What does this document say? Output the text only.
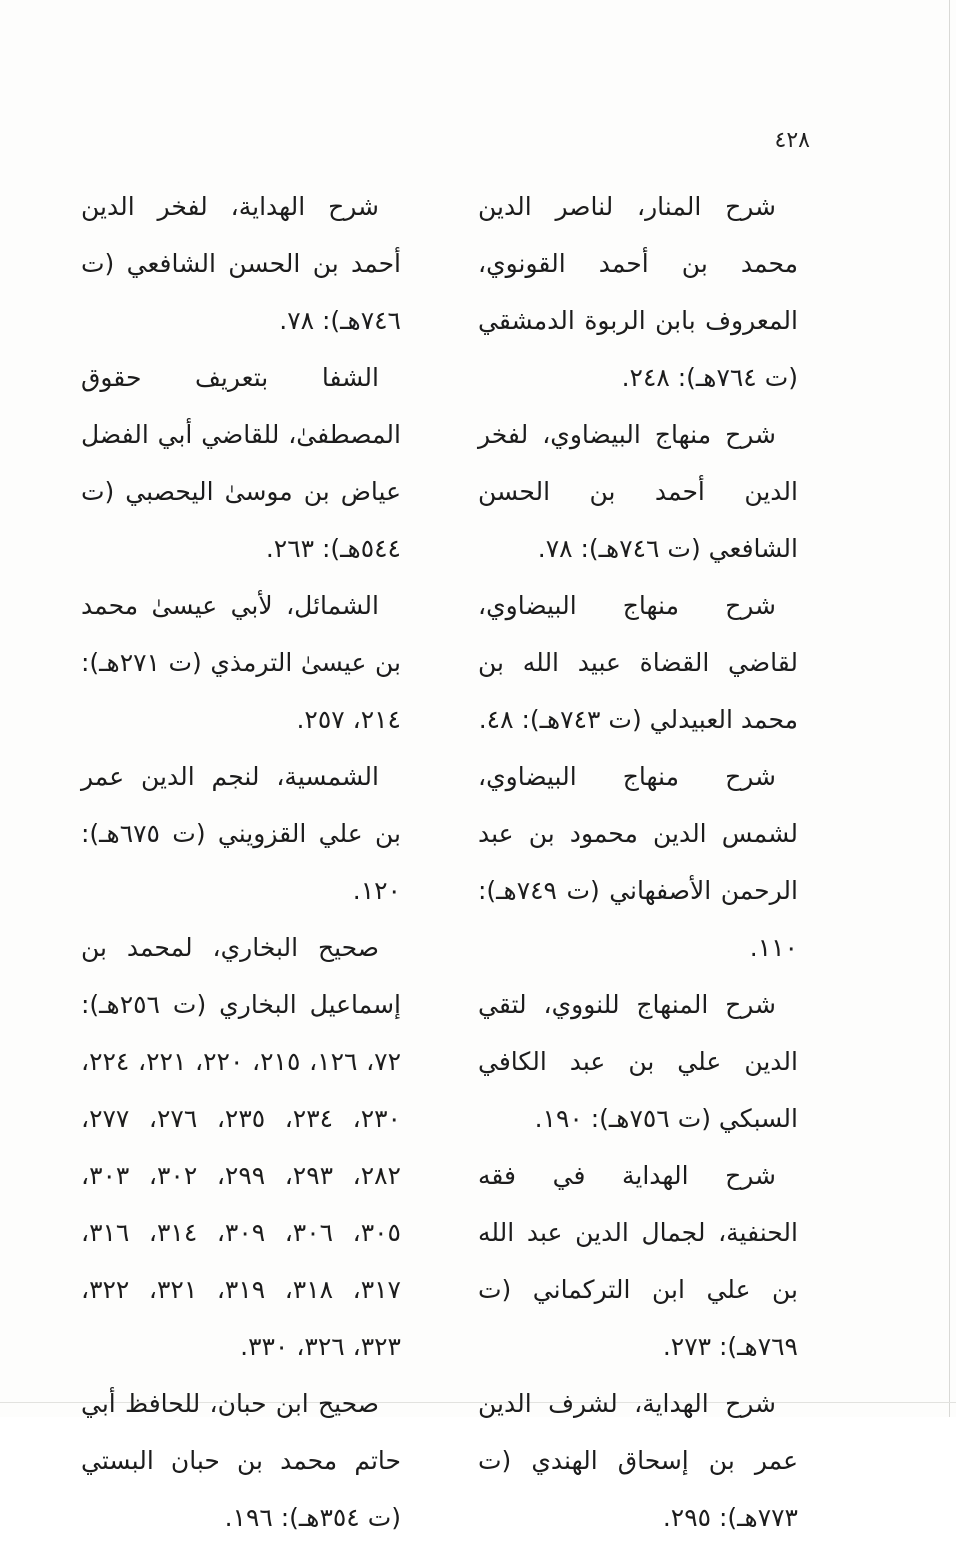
٤٢٨

شرح المنار، لناصر الدين محمد بن أحمد القونوي، المعروف بابن الربوة الدمشقي (ت ٧٦٤هـ): ٢٤٨.

شرح منهاج البيضاوي، لفخر الدين أحمد بن الحسن الشافعي (ت ٧٤٦هـ): ٧٨.

شرح منهاج البيضاوي، لقاضي القضاة عبيد الله بن محمد العبيدلي (ت ٧٤٣هـ): ٤٨.

شرح منهاج البيضاوي، لشمس الدين محمود بن عبد الرحمن الأصفهاني (ت ٧٤٩هـ): ١١٠.

شرح المنهاج للنووي، لتقي الدين علي بن عبد الكافي السبكي (ت ٧٥٦هـ): ١٩٠.

شرح الهداية في فقه الحنفية، لجمال الدين عبد الله بن علي ابن التركماني (ت ٧٦٩هـ): ٢٧٣.

شرح الهداية، لشرف الدين عمر بن إسحاق الهندي (ت ٧٧٣هـ): ٢٩٥.

شرح الهداية، لفخر الدين أحمد بن الحسن الشافعي (ت ٧٤٦هـ): ٧٨.

الشفا بتعريف حقوق المصطفىٰ، للقاضي أبي الفضل عياض بن موسىٰ اليحصبي (ت ٥٤٤هـ): ٢٦٣.

الشمائل، لأبي عيسىٰ محمد بن عيسىٰ الترمذي (ت ٢٧١هـ): ٢١٤، ٢٥٧.

الشمسية، لنجم الدين عمر بن علي القزويني (ت ٦٧٥هـ): ١٢٠.

صحيح البخاري، لمحمد بن إسماعيل البخاري (ت ٢٥٦هـ): ٧٢، ١٢٦، ٢١٥، ٢٢٠، ٢٢١، ٢٢٤، ٢٣٠، ٢٣٤، ٢٣٥، ٢٧٦، ٢٧٧، ٢٨٢، ٢٩٣، ٢٩٩، ٣٠٢، ٣٠٣، ٣٠٥، ٣٠٦، ٣٠٩، ٣١٤، ٣١٦، ٣١٧، ٣١٨، ٣١٩، ٣٢١، ٣٢٢، ٣٢٣، ٣٢٦، ٣٣٠.

صحيح ابن حبان، للحافظ أبي حاتم محمد بن حبان البستي (ت ٣٥٤هـ): ١٩٦.
